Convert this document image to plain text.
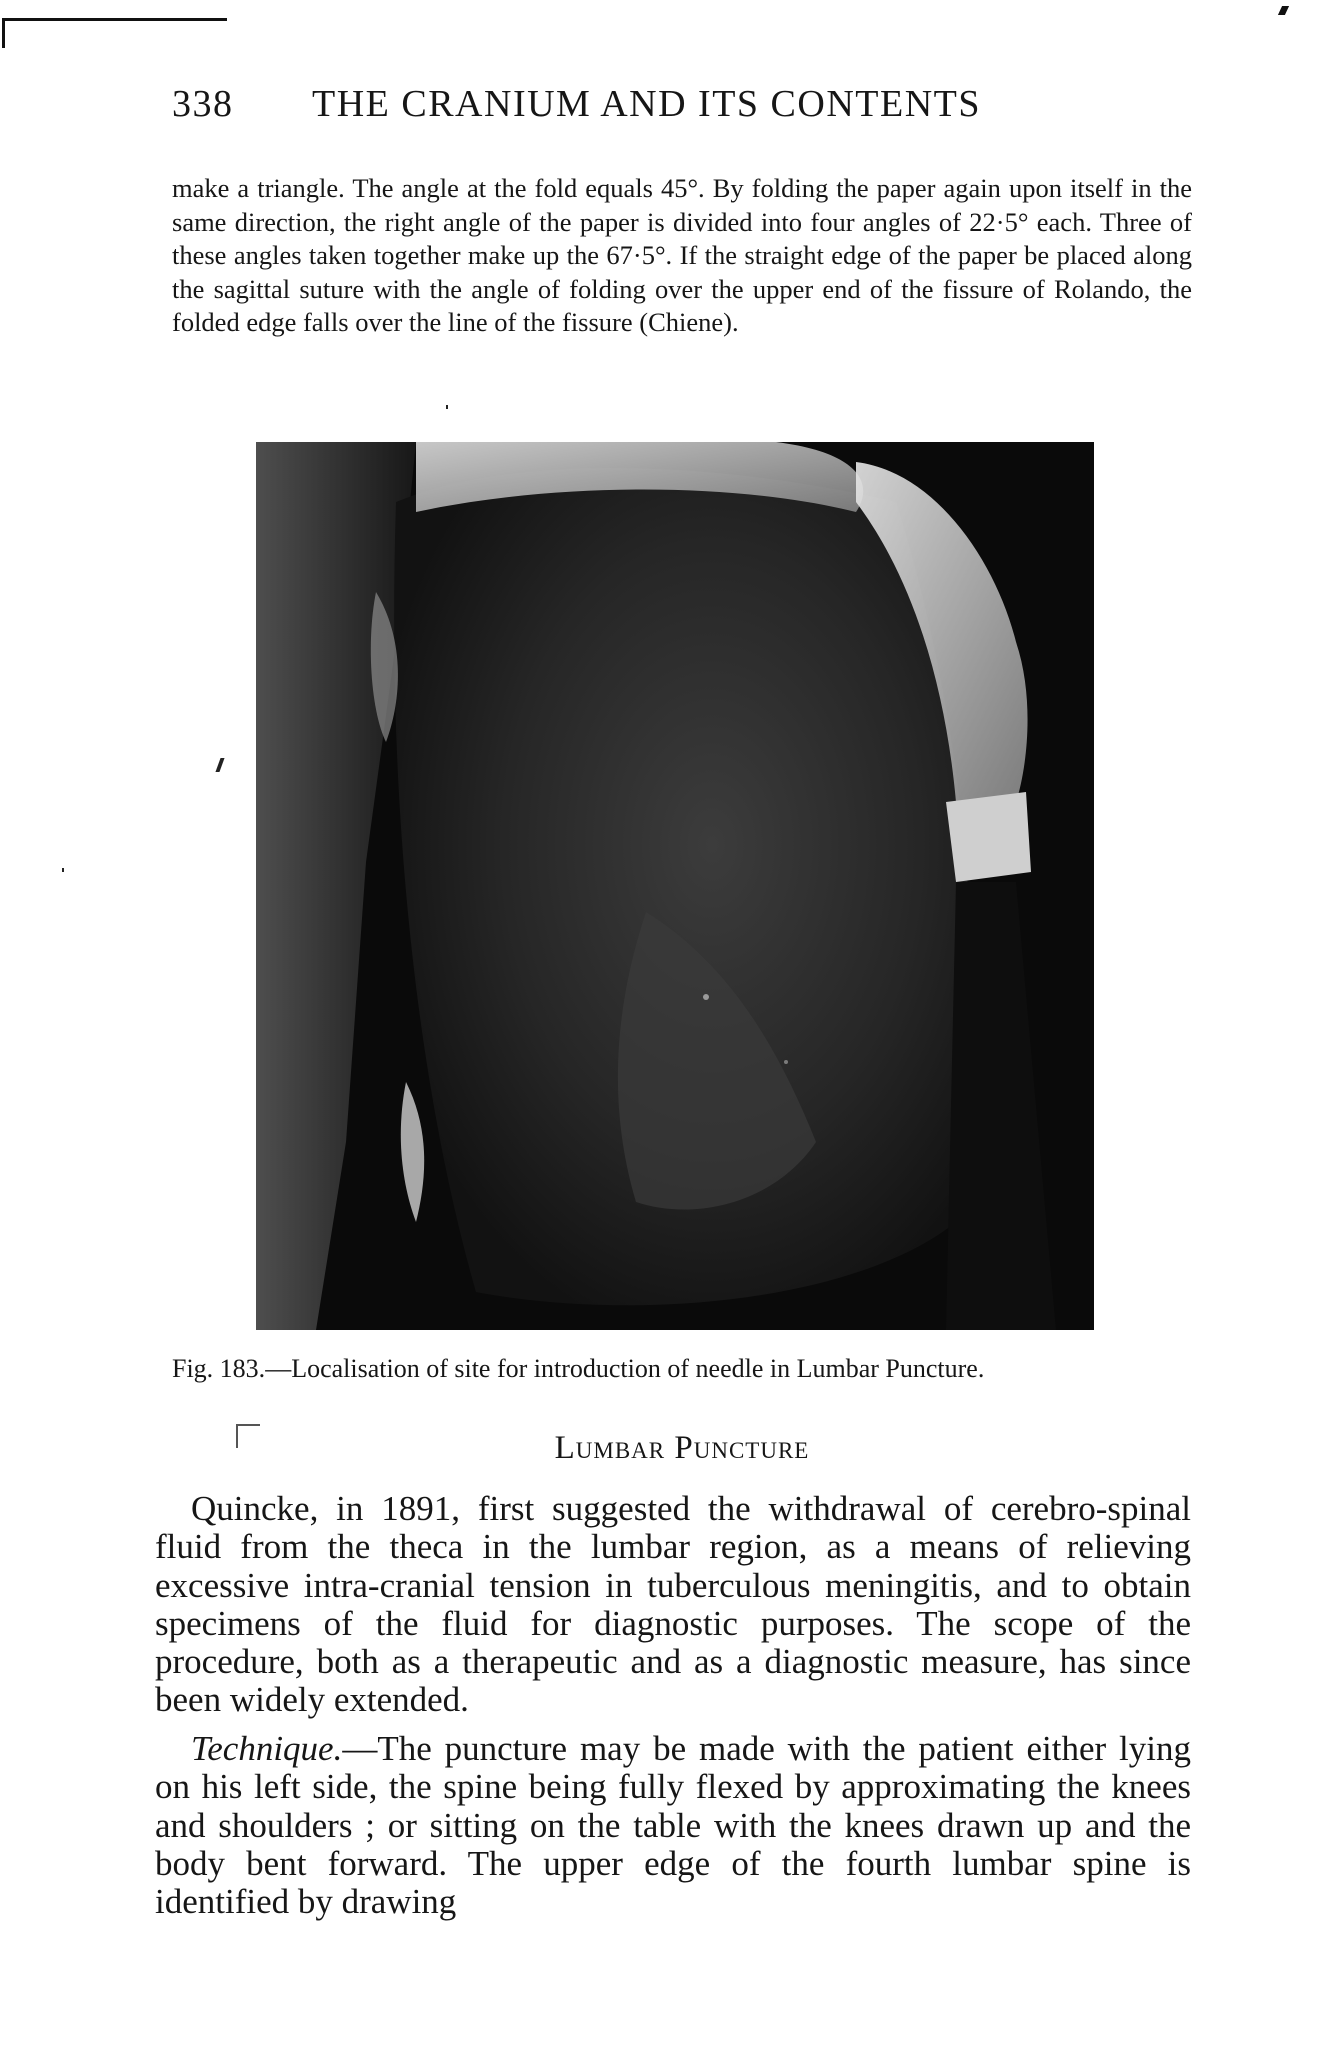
338 THE CRANIUM AND ITS CONTENTS

make a triangle. The angle at the fold equals 45°. By folding the paper again upon itself in the same direction, the right angle of the paper is divided into four angles of 22·5° each. Three of these angles taken together make up the 67·5°. If the straight edge of the paper be placed along the sagittal suture with the angle of folding over the upper end of the fissure of Rolando, the folded edge falls over the line of the fissure (Chiene).

Fig. 183.—Localisation of site for introduction of needle in Lumbar Puncture.
Lumbar Puncture

Quincke, in 1891, first suggested the withdrawal of cerebro-spinal fluid from the theca in the lumbar region, as a means of relieving excessive intra-cranial tension in tuberculous meningitis, and to obtain specimens of the fluid for diagnostic purposes. The scope of the procedure, both as a therapeutic and as a diagnostic measure, has since been widely extended.

Technique.—The puncture may be made with the patient either lying on his left side, the spine being fully flexed by approximating the knees and shoulders ; or sitting on the table with the knees drawn up and the body bent forward. The upper edge of the fourth lumbar spine is identified by drawing
